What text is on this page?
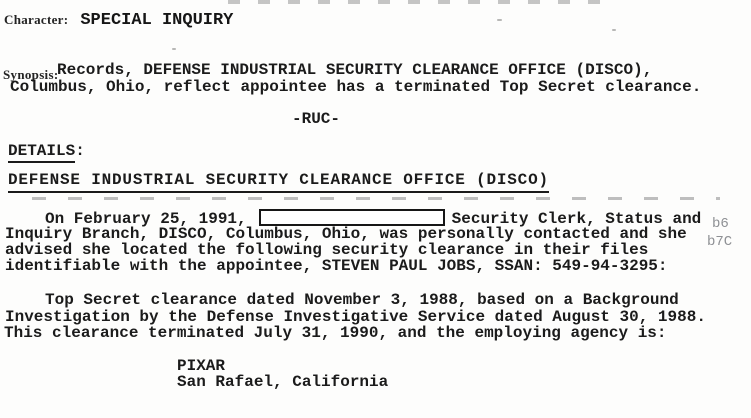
Character: SPECIAL INQUIRY
Synopsis:
Records, DEFENSE INDUSTRIAL SECURITY CLEARANCE OFFICE (DISCO),
Columbus, Ohio, reflect appointee has a terminated Top Secret clearance.
-RUC-
DETAILS:
DEFENSE INDUSTRIAL SECURITY CLEARANCE OFFICE (DISCO)
On February 25, 1991,	Security Clerk, Status and
Inquiry Branch, DISCO, Columbus, Ohio, was personally contacted and she
advised she located the following security clearance in their files
identifiable with the appointee, STEVEN PAUL JOBS, SSAN: 549-94-3295:
b6
b7C
Top Secret clearance dated November 3, 1988, based on a Background
Investigation by the Defense Investigative Service dated August 30, 1988.
This clearance terminated July 31, 1990, and the employing agency is:
PIXAR
San Rafael, California
